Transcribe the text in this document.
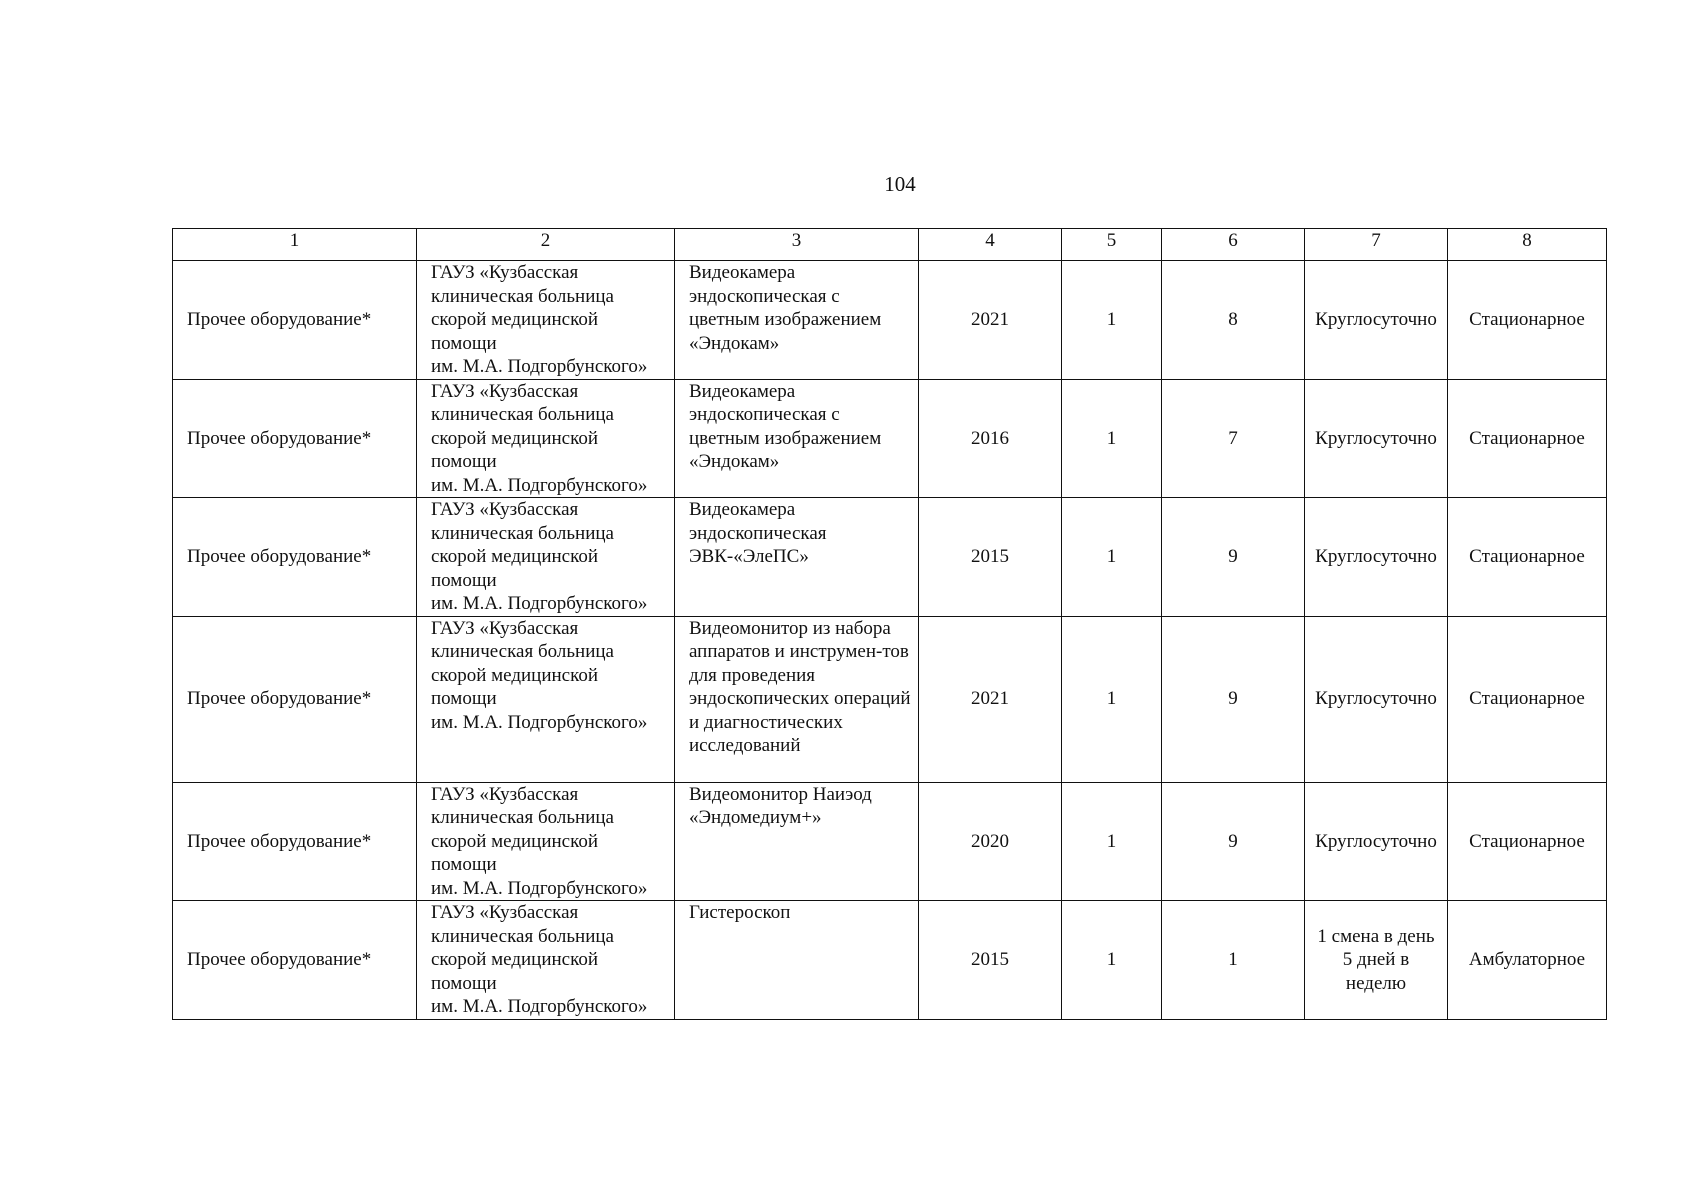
104
1	2	3	4	5	6	7	8
Прочее оборудование*	ГАУЗ «Кузбасская
клиническая больница
скорой медицинской
помощи
им. М.А. Подгорбунского»	Видеокамера эндоскопическая с цветным изображением «Эндокам»	2021	1	8	Круглосуточно	Стационарное
Прочее оборудование*	ГАУЗ «Кузбасская
клиническая больница
скорой медицинской
помощи
им. М.А. Подгорбунского»	Видеокамера эндоскопическая с цветным изображением «Эндокам»	2016	1	7	Круглосуточно	Стационарное
Прочее оборудование*	ГАУЗ «Кузбасская
клиническая больница
скорой медицинской
помощи
им. М.А. Подгорбунского»	Видеокамера эндоскопическая ЭВК-«ЭлеПС»	2015	1	9	Круглосуточно	Стационарное
Прочее оборудование*	ГАУЗ «Кузбасская
клиническая больница
скорой медицинской
помощи
им. М.А. Подгорбунского»	Видеомонитор из набора аппаратов и инструмен-тов для проведения эндоскопических операций и диагностических исследований	2021	1	9	Круглосуточно	Стационарное
Прочее оборудование*	ГАУЗ «Кузбасская
клиническая больница
скорой медицинской
помощи
им. М.А. Подгорбунского»	Видеомонитор Наиэод «Эндомедиум+»	2020	1	9	Круглосуточно	Стационарное
Прочее оборудование*	ГАУЗ «Кузбасская
клиническая больница
скорой медицинской
помощи
им. М.А. Подгорбунского»	Гистероскоп	2015	1	1	1 смена в день 5 дней в неделю	Амбулаторное
